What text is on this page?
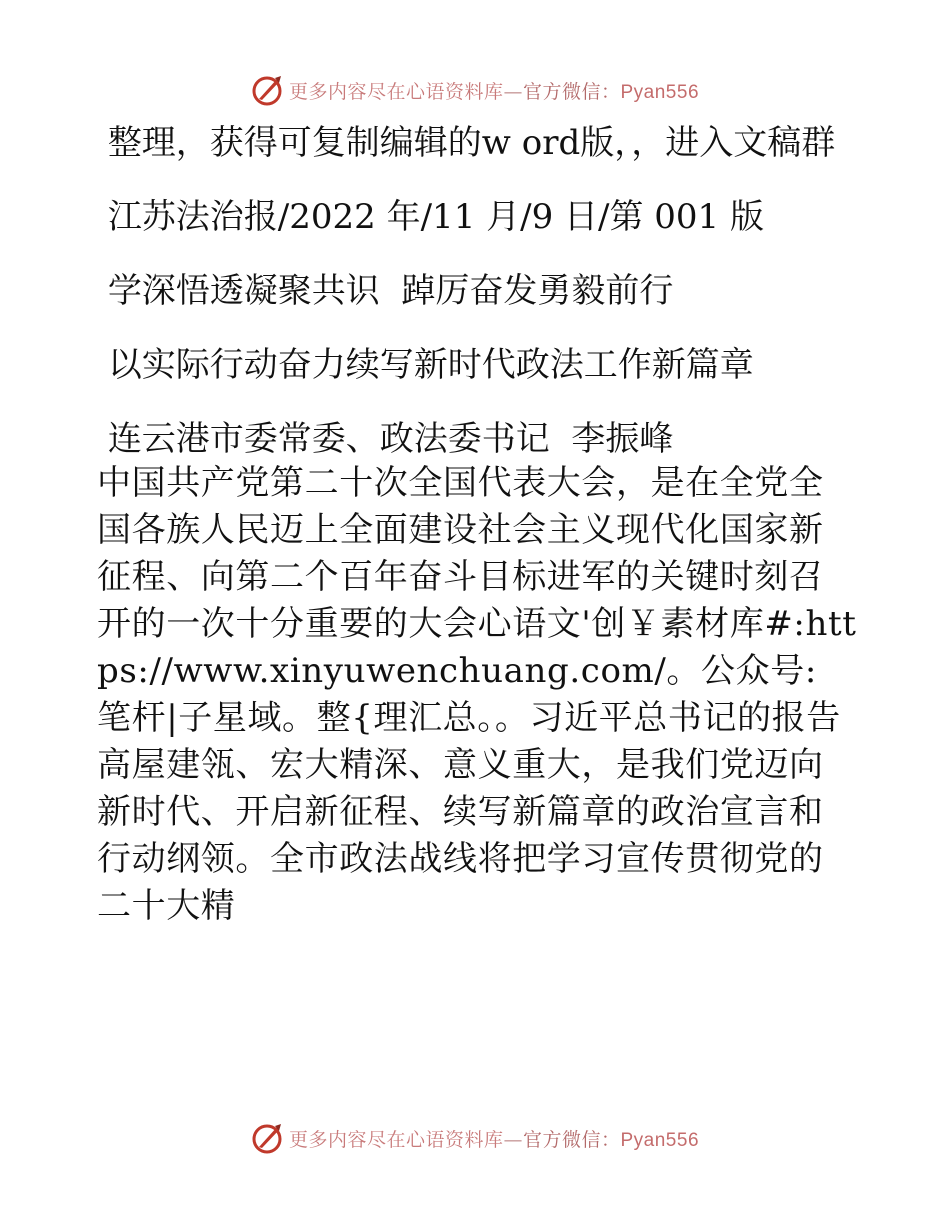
更多内容尽在心语资料库—官方微信：Pyan556

整理，获得可复制编辑的w ord版，，进入文稿群

江苏法治报/2022 年/11 月/9 日/第 001 版

学深悟透凝聚共识  踔厉奋发勇毅前行

以实际行动奋力续写新时代政法工作新篇章

连云港市委常委、政法委书记  李振峰

中国共产党第二十次全国代表大会，是在全党全国各族人民迈上全面建设社会主义现代化国家新征程、向第二个百年奋斗目标进军的关键时刻召开的一次十分重要的大会心语文'创￥素材库#:https://www.xinyuwenchuang.com/。公众号: 笔杆|子星域。整{理汇总。。习近平总书记的报告高屋建瓴、宏大精深、意义重大，是我们党迈向新时代、开启新征程、续写新篇章的政治宣言和行动纲领。全市政法战线将把学习宣传贯彻党的二十大精

更多内容尽在心语资料库—官方微信：Pyan556
